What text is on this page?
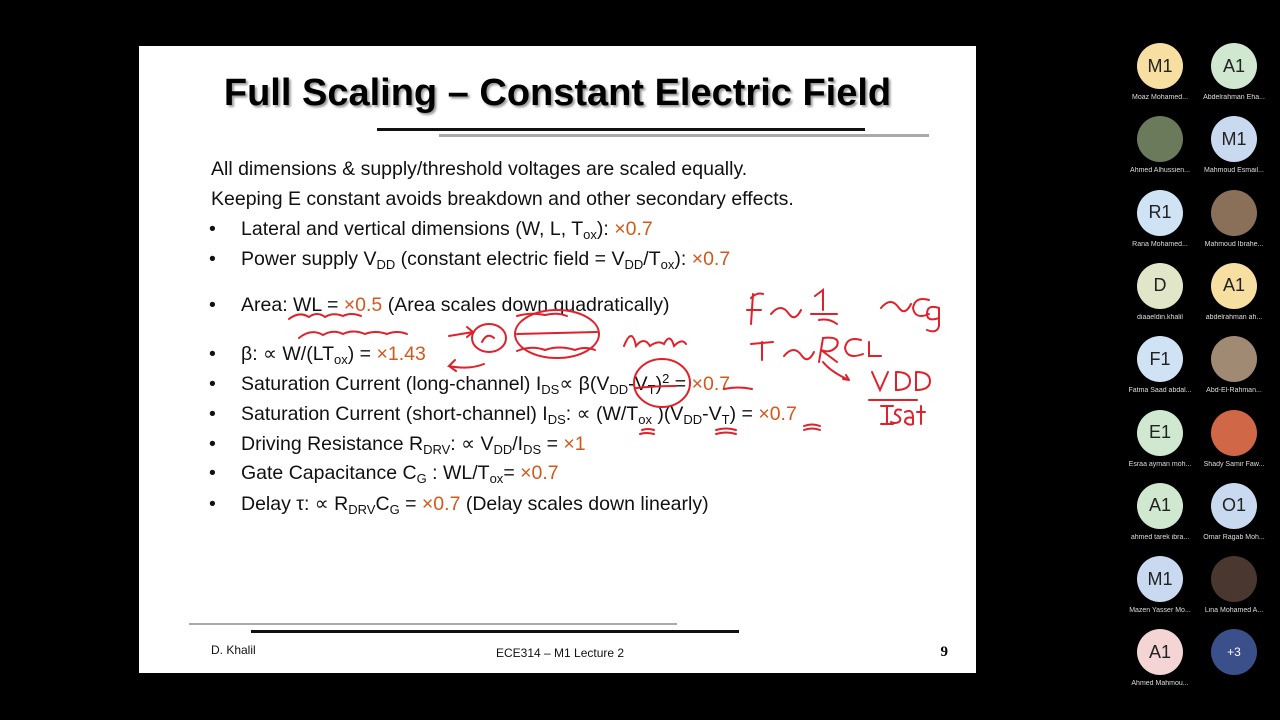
Full Scaling – Constant Electric Field
All dimensions & supply/threshold voltages are scaled equally.
Keeping E constant avoids breakdown and other secondary effects.
• Lateral and vertical dimensions (W, L, $T_{ox}$): ×0.7
• Power supply $V_{DD}$ (constant electric field = $V_{DD}/T_{ox}$): ×0.7
• Area: WL = ×0.5 (Area scales down quadratically)
• β: ∝ $W/(LT_{ox}) = \times 1.43$
• Saturation Current (long-channel) $I_{DS}\propto \beta(V_{DD}-V_T)^2 = \times 0.7$
• Saturation Current (short-channel) $I_{DS}$: ∝ ($W/T_{ox}$ )$(V_{DD}-V_T) = \times 0.7$
• Driving Resistance $R_{DRV}$: ∝ $V_{DD}/I_{DS} = \times 1$
• Gate Capacitance $C_G$ : $WL/T_{ox}= \times 0.7$
• Delay τ: ∝ $R_{DRV}C_G = \times 0.7$ (Delay scales down linearly)
D. Khalil	ECE314 – M1 Lecture 2	9
M1
Moaz Mohamed...
A1
Abdelrahman Eha...
Ahmed Alhussien...
M1
Mahmoud Esmail...
R1
Rana Mohamed...	Mahmoud Ibrahe...
D
diaaeldin.khalil
A1
abdelrahman ah...
F1
Fatma Saad abdal...	Abd-El-Rahman...
E1
Esraa ayman moh...	Shady Samir Faw...
A1
ahmed tarek ibra...
O1
Omar Ragab Moh...
M1
Mazen Yasser Mo...	Lina Mohamed A...
A1
Ahmed Mahmou...
+3
